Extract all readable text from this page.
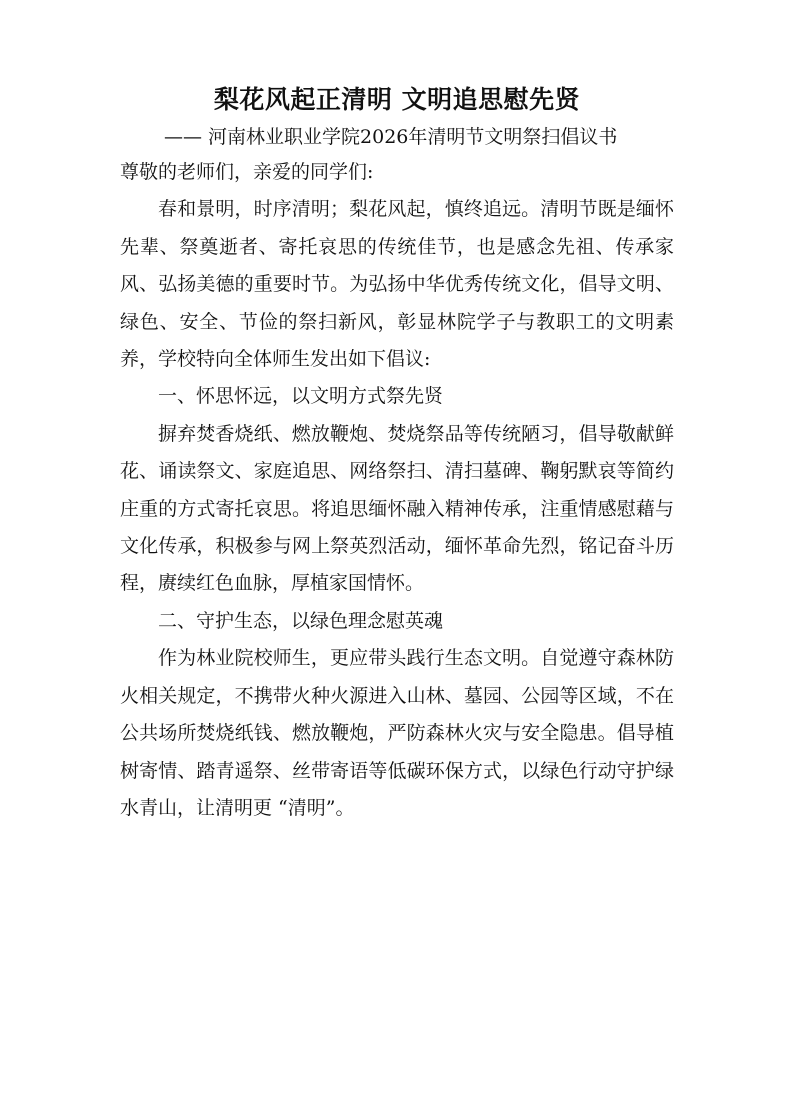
梨花风起正清明 文明追思慰先贤

—— 河南林业职业学院2026年清明节文明祭扫倡议书

尊敬的老师们，亲爱的同学们:

春和景明，时序清明；梨花风起，慎终追远。清明节既是缅怀先辈、祭奠逝者、寄托哀思的传统佳节，也是感念先祖、传承家风、弘扬美德的重要时节。为弘扬中华优秀传统文化，倡导文明、绿色、安全、节俭的祭扫新风，彰显林院学子与教职工的文明素养，学校特向全体师生发出如下倡议:

一、怀思怀远，以文明方式祭先贤

摒弃焚香烧纸、燃放鞭炮、焚烧祭品等传统陋习，倡导敬献鲜花、诵读祭文、家庭追思、网络祭扫、清扫墓碑、鞠躬默哀等简约庄重的方式寄托哀思。将追思缅怀融入精神传承，注重情感慰藉与文化传承，积极参与网上祭英烈活动，缅怀革命先烈，铭记奋斗历程，赓续红色血脉，厚植家国情怀。

二、守护生态，以绿色理念慰英魂

作为林业院校师生，更应带头践行生态文明。自觉遵守森林防火相关规定，不携带火种火源进入山林、墓园、公园等区域，不在公共场所焚烧纸钱、燃放鞭炮，严防森林火灾与安全隐患。倡导植树寄情、踏青遥祭、丝带寄语等低碳环保方式，以绿色行动守护绿水青山，让清明更 “清明”。
